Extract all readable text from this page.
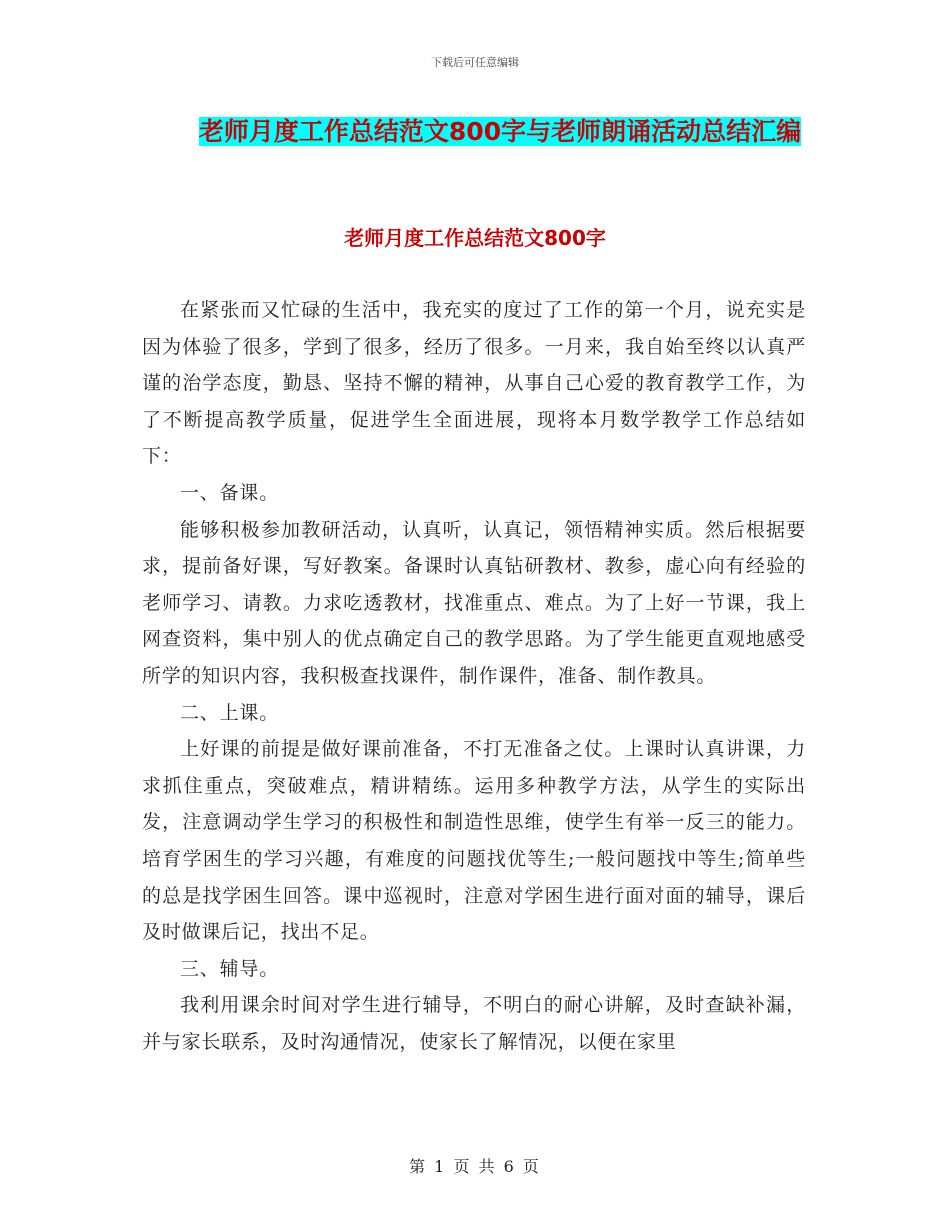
下载后可任意编辑
老师月度工作总结范文800字与老师朗诵活动总结汇编
老师月度工作总结范文800字

在紧张而又忙碌的生活中，我充实的度过了工作的第一个月，说充实是因为体验了很多，学到了很多，经历了很多。一月来，我自始至终以认真严谨的治学态度，勤恳、坚持不懈的精神，从事自己心爱的教育教学工作，为了不断提高教学质量，促进学生全面进展，现将本月数学教学工作总结如下：

一、备课。

能够积极参加教研活动，认真听，认真记，领悟精神实质。然后根据要求，提前备好课，写好教案。备课时认真钻研教材、教参，虚心向有经验的老师学习、请教。力求吃透教材，找准重点、难点。为了上好一节课，我上网查资料，集中别人的优点确定自己的教学思路。为了学生能更直观地感受所学的知识内容，我积极查找课件，制作课件，准备、制作教具。

二、上课。

上好课的前提是做好课前准备，不打无准备之仗。上课时认真讲课，力求抓住重点，突破难点，精讲精练。运用多种教学方法，从学生的实际出发，注意调动学生学习的积极性和制造性思维，使学生有举一反三的能力。培育学困生的学习兴趣，有难度的问题找优等生;一般问题找中等生;简单些的总是找学困生回答。课中巡视时，注意对学困生进行面对面的辅导，课后及时做课后记，找出不足。

三、辅导。

我利用课余时间对学生进行辅导，不明白的耐心讲解，及时查缺补漏，并与家长联系，及时沟通情况，使家长了解情况，以便在家里

第 1 页 共 6 页
